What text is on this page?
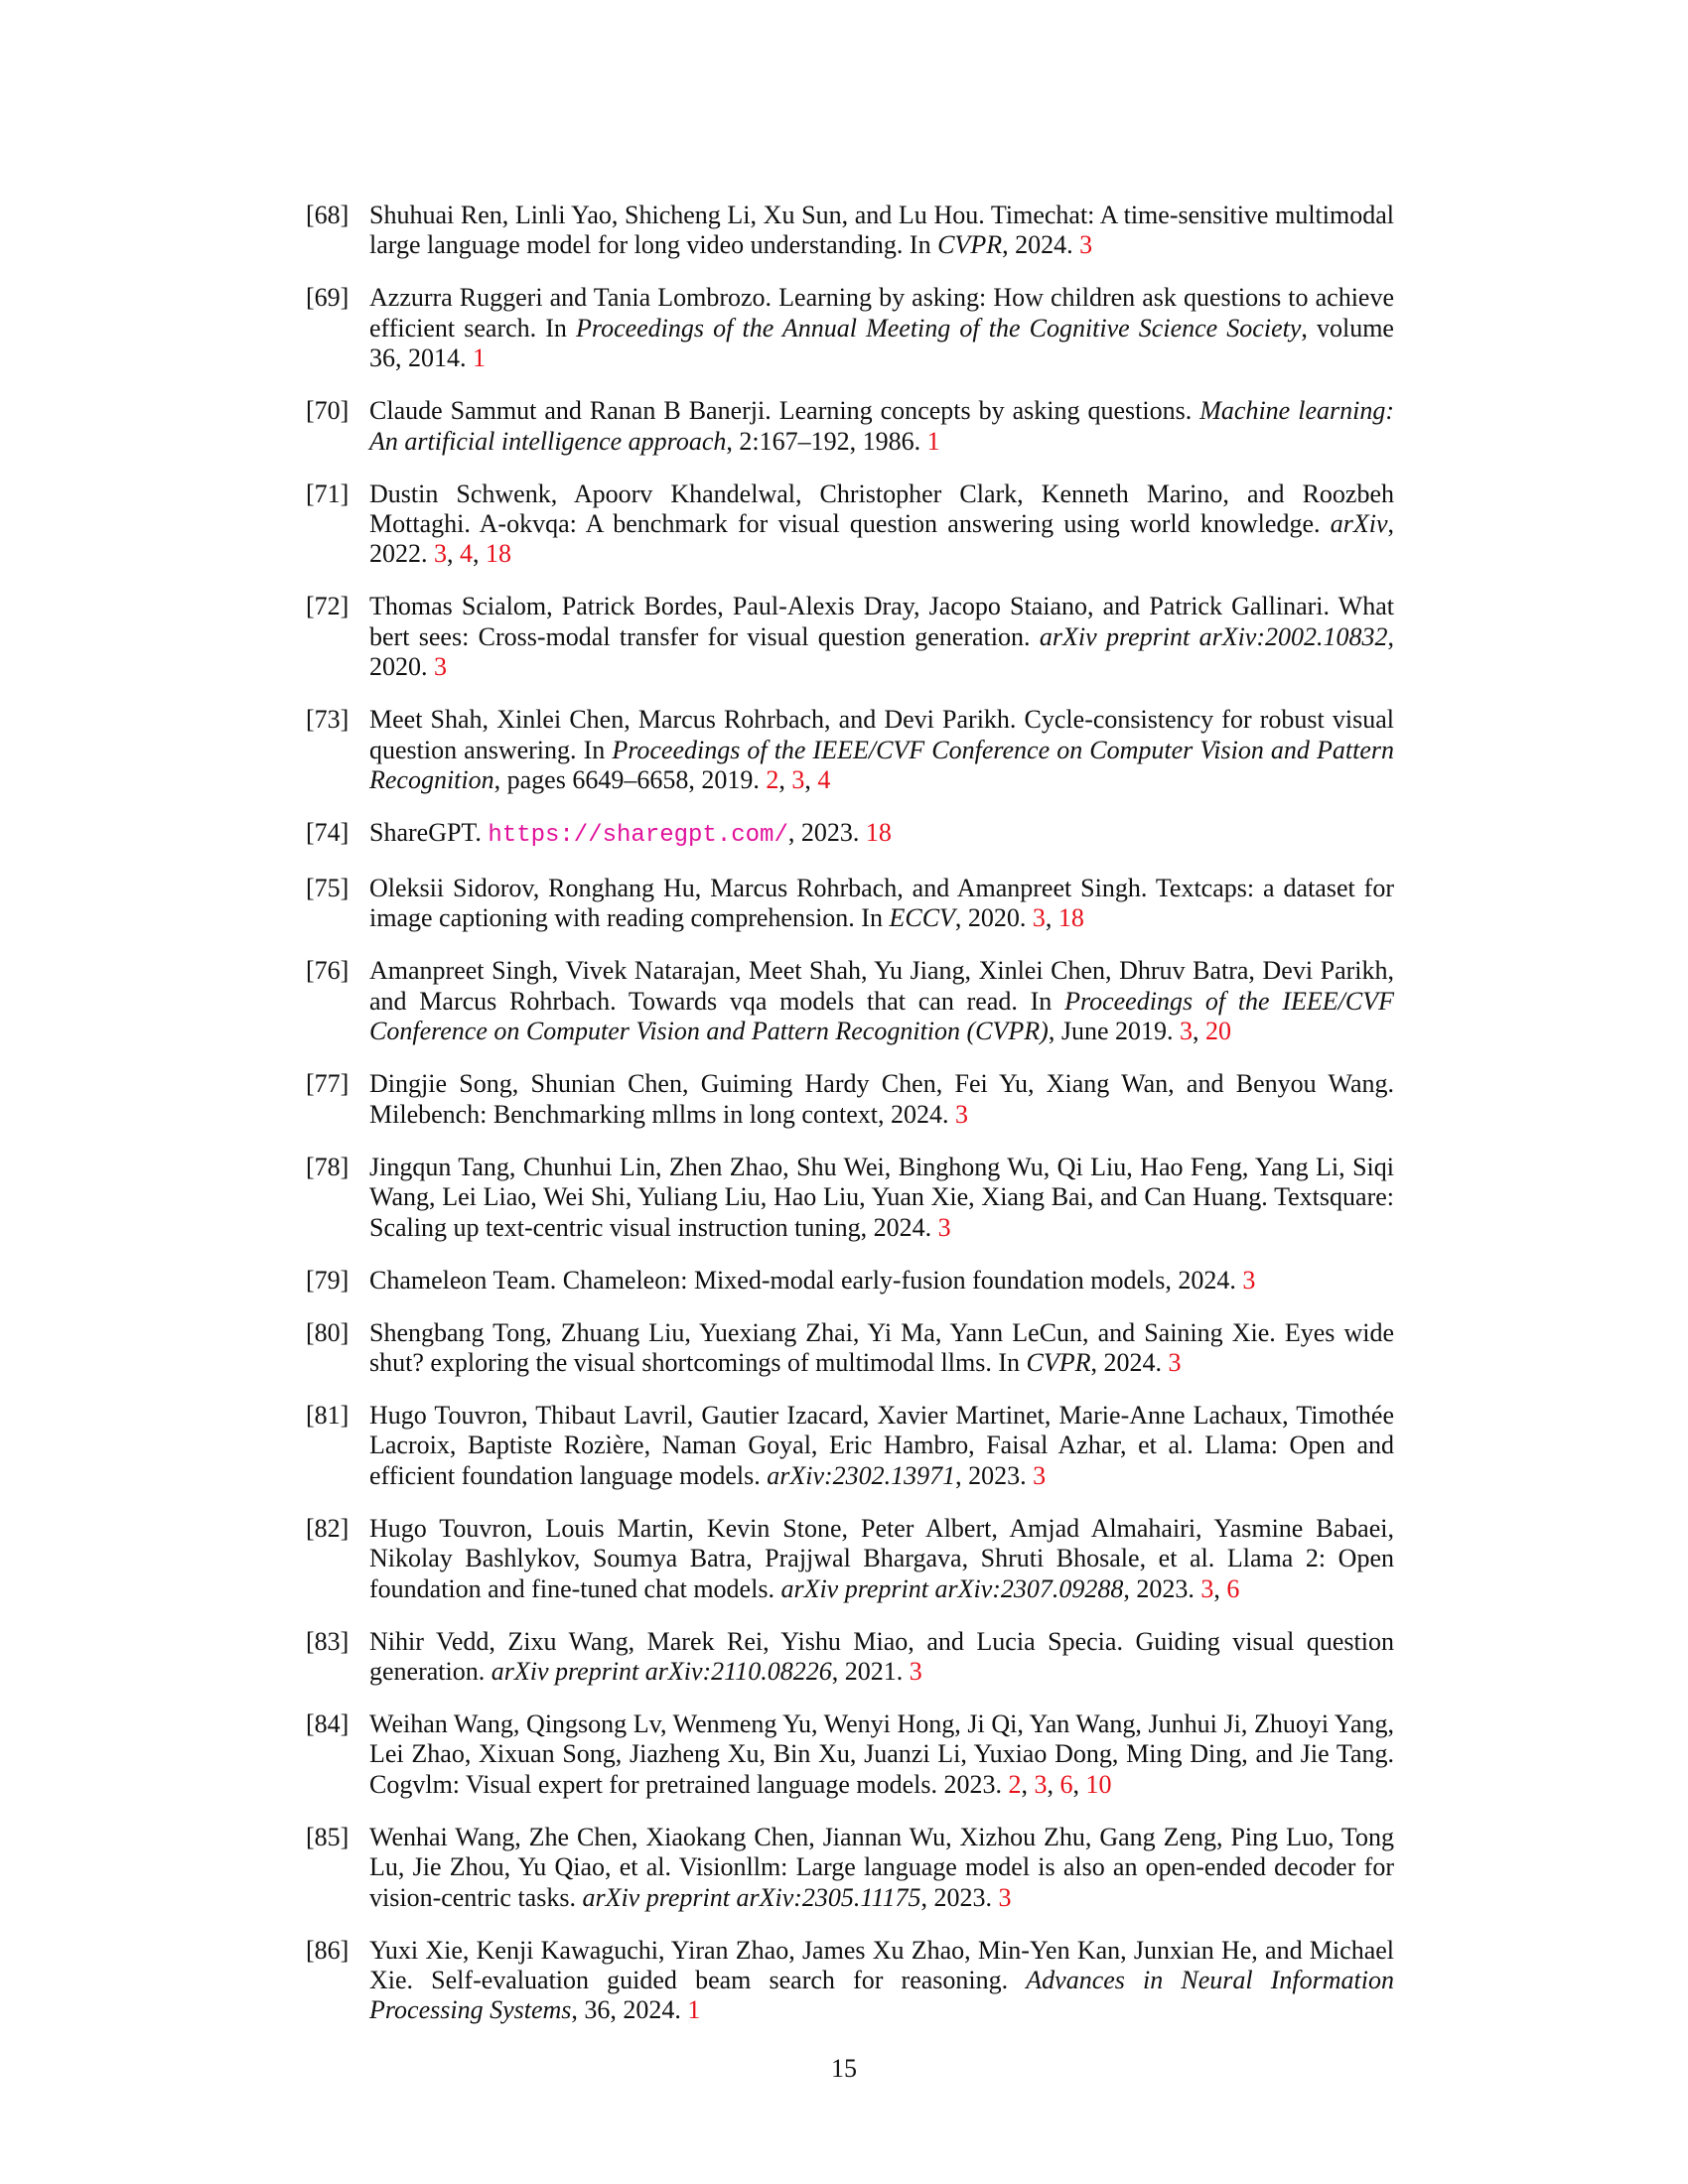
[68] Shuhuai Ren, Linli Yao, Shicheng Li, Xu Sun, and Lu Hou. Timechat: A time-sensitive multimodal large language model for long video understanding. In CVPR, 2024. 3
[69] Azzurra Ruggeri and Tania Lombrozo. Learning by asking: How children ask questions to achieve efficient search. In Proceedings of the Annual Meeting of the Cognitive Science Society, volume 36, 2014. 1
[70] Claude Sammut and Ranan B Banerji. Learning concepts by asking questions. Machine learning: An artificial intelligence approach, 2:167–192, 1986. 1
[71] Dustin Schwenk, Apoorv Khandelwal, Christopher Clark, Kenneth Marino, and Roozbeh Mottaghi. A-okvqa: A benchmark for visual question answering using world knowledge. arXiv, 2022. 3, 4, 18
[72] Thomas Scialom, Patrick Bordes, Paul-Alexis Dray, Jacopo Staiano, and Patrick Gallinari. What bert sees: Cross-modal transfer for visual question generation. arXiv preprint arXiv:2002.10832, 2020. 3
[73] Meet Shah, Xinlei Chen, Marcus Rohrbach, and Devi Parikh. Cycle-consistency for robust visual question answering. In Proceedings of the IEEE/CVF Conference on Computer Vision and Pattern Recognition, pages 6649–6658, 2019. 2, 3, 4
[74] ShareGPT. https://sharegpt.com/, 2023. 18
[75] Oleksii Sidorov, Ronghang Hu, Marcus Rohrbach, and Amanpreet Singh. Textcaps: a dataset for image captioning with reading comprehension. In ECCV, 2020. 3, 18
[76] Amanpreet Singh, Vivek Natarajan, Meet Shah, Yu Jiang, Xinlei Chen, Dhruv Batra, Devi Parikh, and Marcus Rohrbach. Towards vqa models that can read. In Proceedings of the IEEE/CVF Conference on Computer Vision and Pattern Recognition (CVPR), June 2019. 3, 20
[77] Dingjie Song, Shunian Chen, Guiming Hardy Chen, Fei Yu, Xiang Wan, and Benyou Wang. Milebench: Benchmarking mllms in long context, 2024. 3
[78] Jingqun Tang, Chunhui Lin, Zhen Zhao, Shu Wei, Binghong Wu, Qi Liu, Hao Feng, Yang Li, Siqi Wang, Lei Liao, Wei Shi, Yuliang Liu, Hao Liu, Yuan Xie, Xiang Bai, and Can Huang. Textsquare: Scaling up text-centric visual instruction tuning, 2024. 3
[79] Chameleon Team. Chameleon: Mixed-modal early-fusion foundation models, 2024. 3
[80] Shengbang Tong, Zhuang Liu, Yuexiang Zhai, Yi Ma, Yann LeCun, and Saining Xie. Eyes wide shut? exploring the visual shortcomings of multimodal llms. In CVPR, 2024. 3
[81] Hugo Touvron, Thibaut Lavril, Gautier Izacard, Xavier Martinet, Marie-Anne Lachaux, Timothée Lacroix, Baptiste Rozière, Naman Goyal, Eric Hambro, Faisal Azhar, et al. Llama: Open and efficient foundation language models. arXiv:2302.13971, 2023. 3
[82] Hugo Touvron, Louis Martin, Kevin Stone, Peter Albert, Amjad Almahairi, Yasmine Babaei, Nikolay Bashlykov, Soumya Batra, Prajjwal Bhargava, Shruti Bhosale, et al. Llama 2: Open foundation and fine-tuned chat models. arXiv preprint arXiv:2307.09288, 2023. 3, 6
[83] Nihir Vedd, Zixu Wang, Marek Rei, Yishu Miao, and Lucia Specia. Guiding visual question generation. arXiv preprint arXiv:2110.08226, 2021. 3
[84] Weihan Wang, Qingsong Lv, Wenmeng Yu, Wenyi Hong, Ji Qi, Yan Wang, Junhui Ji, Zhuoyi Yang, Lei Zhao, Xixuan Song, Jiazheng Xu, Bin Xu, Juanzi Li, Yuxiao Dong, Ming Ding, and Jie Tang. Cogvlm: Visual expert for pretrained language models. 2023. 2, 3, 6, 10
[85] Wenhai Wang, Zhe Chen, Xiaokang Chen, Jiannan Wu, Xizhou Zhu, Gang Zeng, Ping Luo, Tong Lu, Jie Zhou, Yu Qiao, et al. Visionllm: Large language model is also an open-ended decoder for vision-centric tasks. arXiv preprint arXiv:2305.11175, 2023. 3
[86] Yuxi Xie, Kenji Kawaguchi, Yiran Zhao, James Xu Zhao, Min-Yen Kan, Junxian He, and Michael Xie. Self-evaluation guided beam search for reasoning. Advances in Neural Information Processing Systems, 36, 2024. 1
15
